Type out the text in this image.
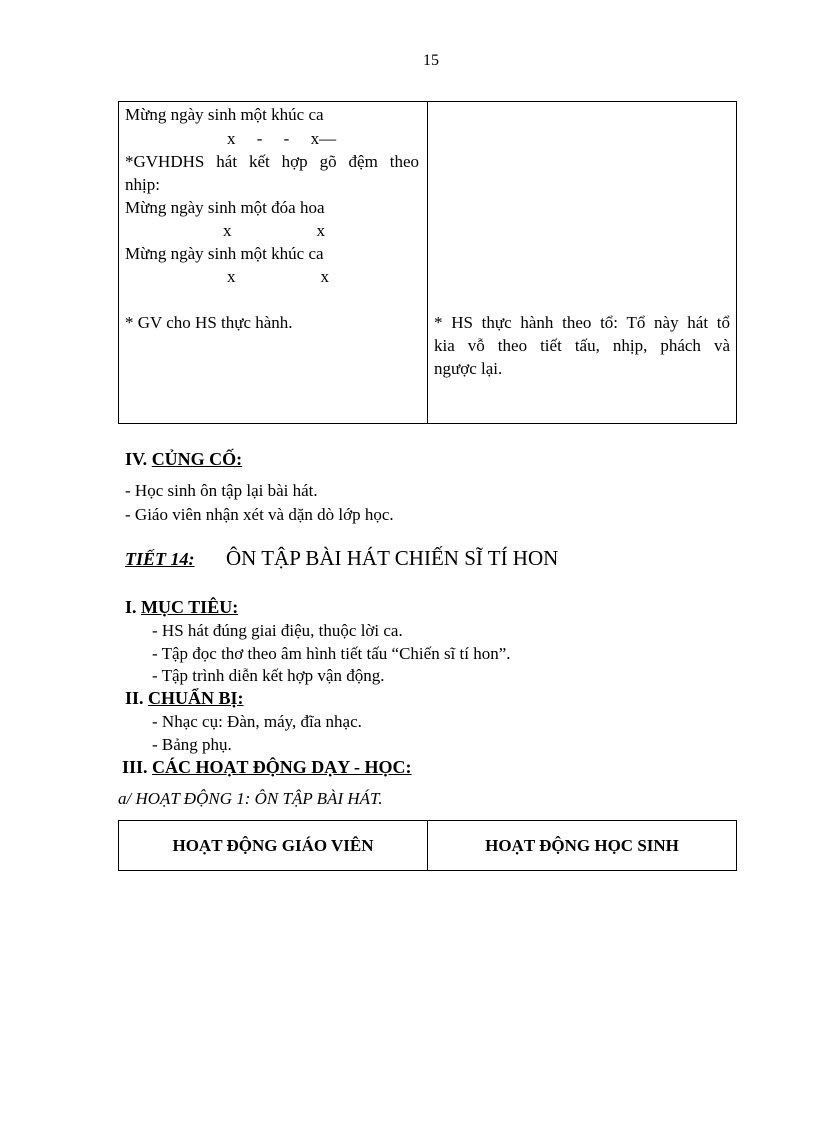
15
Mừng ngày sinh một khúc ca
x     -     -     x—
*GVHDHS hát kết hợp gõ đệm theo
nhịp:
Mừng ngày sinh một đóa hoa
x                    x
Mừng ngày sinh một khúc ca
x                    x
* GV cho HS thực hành.	* HS thực hành theo tổ: Tổ này hát tổ
kia vỗ theo tiết tấu, nhịp, phách và
ngược lại.
IV. CỦNG CỐ:
- Học sinh ôn tập lại bài hát.
- Giáo viên nhận xét và dặn dò lớp học.
TIẾT 14: ÔN TẬP BÀI HÁT CHIẾN SĨ TÍ HON
I. MỤC TIÊU:
- HS hát đúng giai điệu, thuộc lời ca.
- Tập đọc thơ theo âm hình tiết tấu “Chiến sĩ tí hon”.
- Tập trình diễn kết hợp vận động.
II. CHUẨN BỊ:
- Nhạc cụ: Đàn, máy, đĩa nhạc.
- Bảng phụ.
III. CÁC HOẠT ĐỘNG DẠY - HỌC:
a/ HOẠT ĐỘNG 1: ÔN TẬP BÀI HÁT.
HOẠT ĐỘNG GIÁO VIÊN	HOẠT ĐỘNG HỌC SINH
